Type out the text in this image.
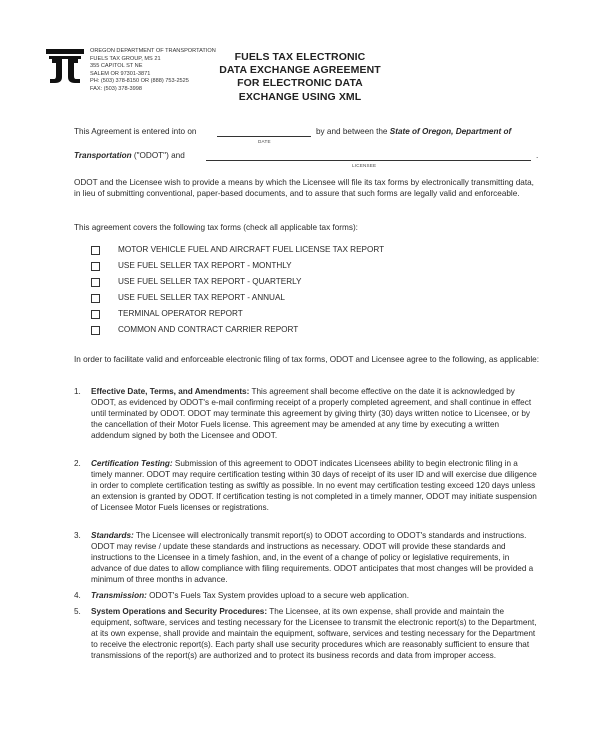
OREGON DEPARTMENT OF TRANSPORTATION
FUELS TAX GROUP, MS 21
355 CAPITOL ST NE
SALEM OR 97301-3871
PH: (503) 378-8150 OR (888) 753-2525
FAX: (503) 378-3998
FUELS TAX ELECTRONIC
DATA EXCHANGE AGREEMENT
FOR ELECTRONIC DATA
EXCHANGE USING XML
This Agreement is entered into on
DATE
by and between the State of Oregon, Department of
Transportation ("ODOT") and	.
LICENSEE
ODOT and the Licensee wish to provide a means by which the Licensee will file its tax forms by electronically transmitting data, in lieu of submitting conventional, paper-based documents, and to assure that such forms are legally valid and enforceable.
This agreement covers the following tax forms (check all applicable tax forms):
MOTOR VEHICLE FUEL AND AIRCRAFT FUEL LICENSE TAX REPORT
USE FUEL SELLER TAX REPORT - MONTHLY
USE FUEL SELLER TAX REPORT - QUARTERLY
USE FUEL SELLER TAX REPORT - ANNUAL
TERMINAL OPERATOR REPORT
COMMON AND CONTRACT CARRIER REPORT
In order to facilitate valid and enforceable electronic filing of tax forms, ODOT and Licensee agree to the following, as applicable:
1. Effective Date, Terms, and Amendments: This agreement shall become effective on the date it is acknowledged by ODOT, as evidenced by ODOT's e-mail confirming receipt of a properly completed agreement, and shall continue in effect until terminated by ODOT. ODOT may terminate this agreement by giving thirty (30) days written notice to Licensee, or by the cancellation of their Motor Fuels license. This agreement may be amended at any time by executing a written addendum signed by both the Licensee and ODOT.
2. Certification Testing: Submission of this agreement to ODOT indicates Licensees ability to begin electronic filing in a timely manner. ODOT may require certification testing within 30 days of receipt of its user ID and will exercise due diligence in order to complete certification testing as swiftly as possible. In no event may certification testing exceed 120 days unless an extension is granted by ODOT. If certification testing is not completed in a timely manner, ODOT may initiate suspension of Licensee Motor Fuels licenses or registrations.
3. Standards: The Licensee will electronically transmit report(s) to ODOT according to ODOT's standards and instructions. ODOT may revise / update these standards and instructions as necessary. ODOT will provide these standards and instructions to the Licensee in a timely fashion, and, in the event of a change of policy or legislative requirements, in advance of due dates to allow compliance with filing requirements. ODOT anticipates that most changes will be provided a minimum of three months in advance.
4. Transmission: ODOT's Fuels Tax System provides upload to a secure web application.
5. System Operations and Security Procedures: The Licensee, at its own expense, shall provide and maintain the equipment, software, services and testing necessary for the Licensee to transmit the electronic report(s) to the Department, at its own expense, shall provide and maintain the equipment, software, services and testing necessary for the Department to receive the electronic report(s). Each party shall use security procedures which are reasonably sufficient to ensure that transmissions of the report(s) are authorized and to protect its business records and data from improper access.
